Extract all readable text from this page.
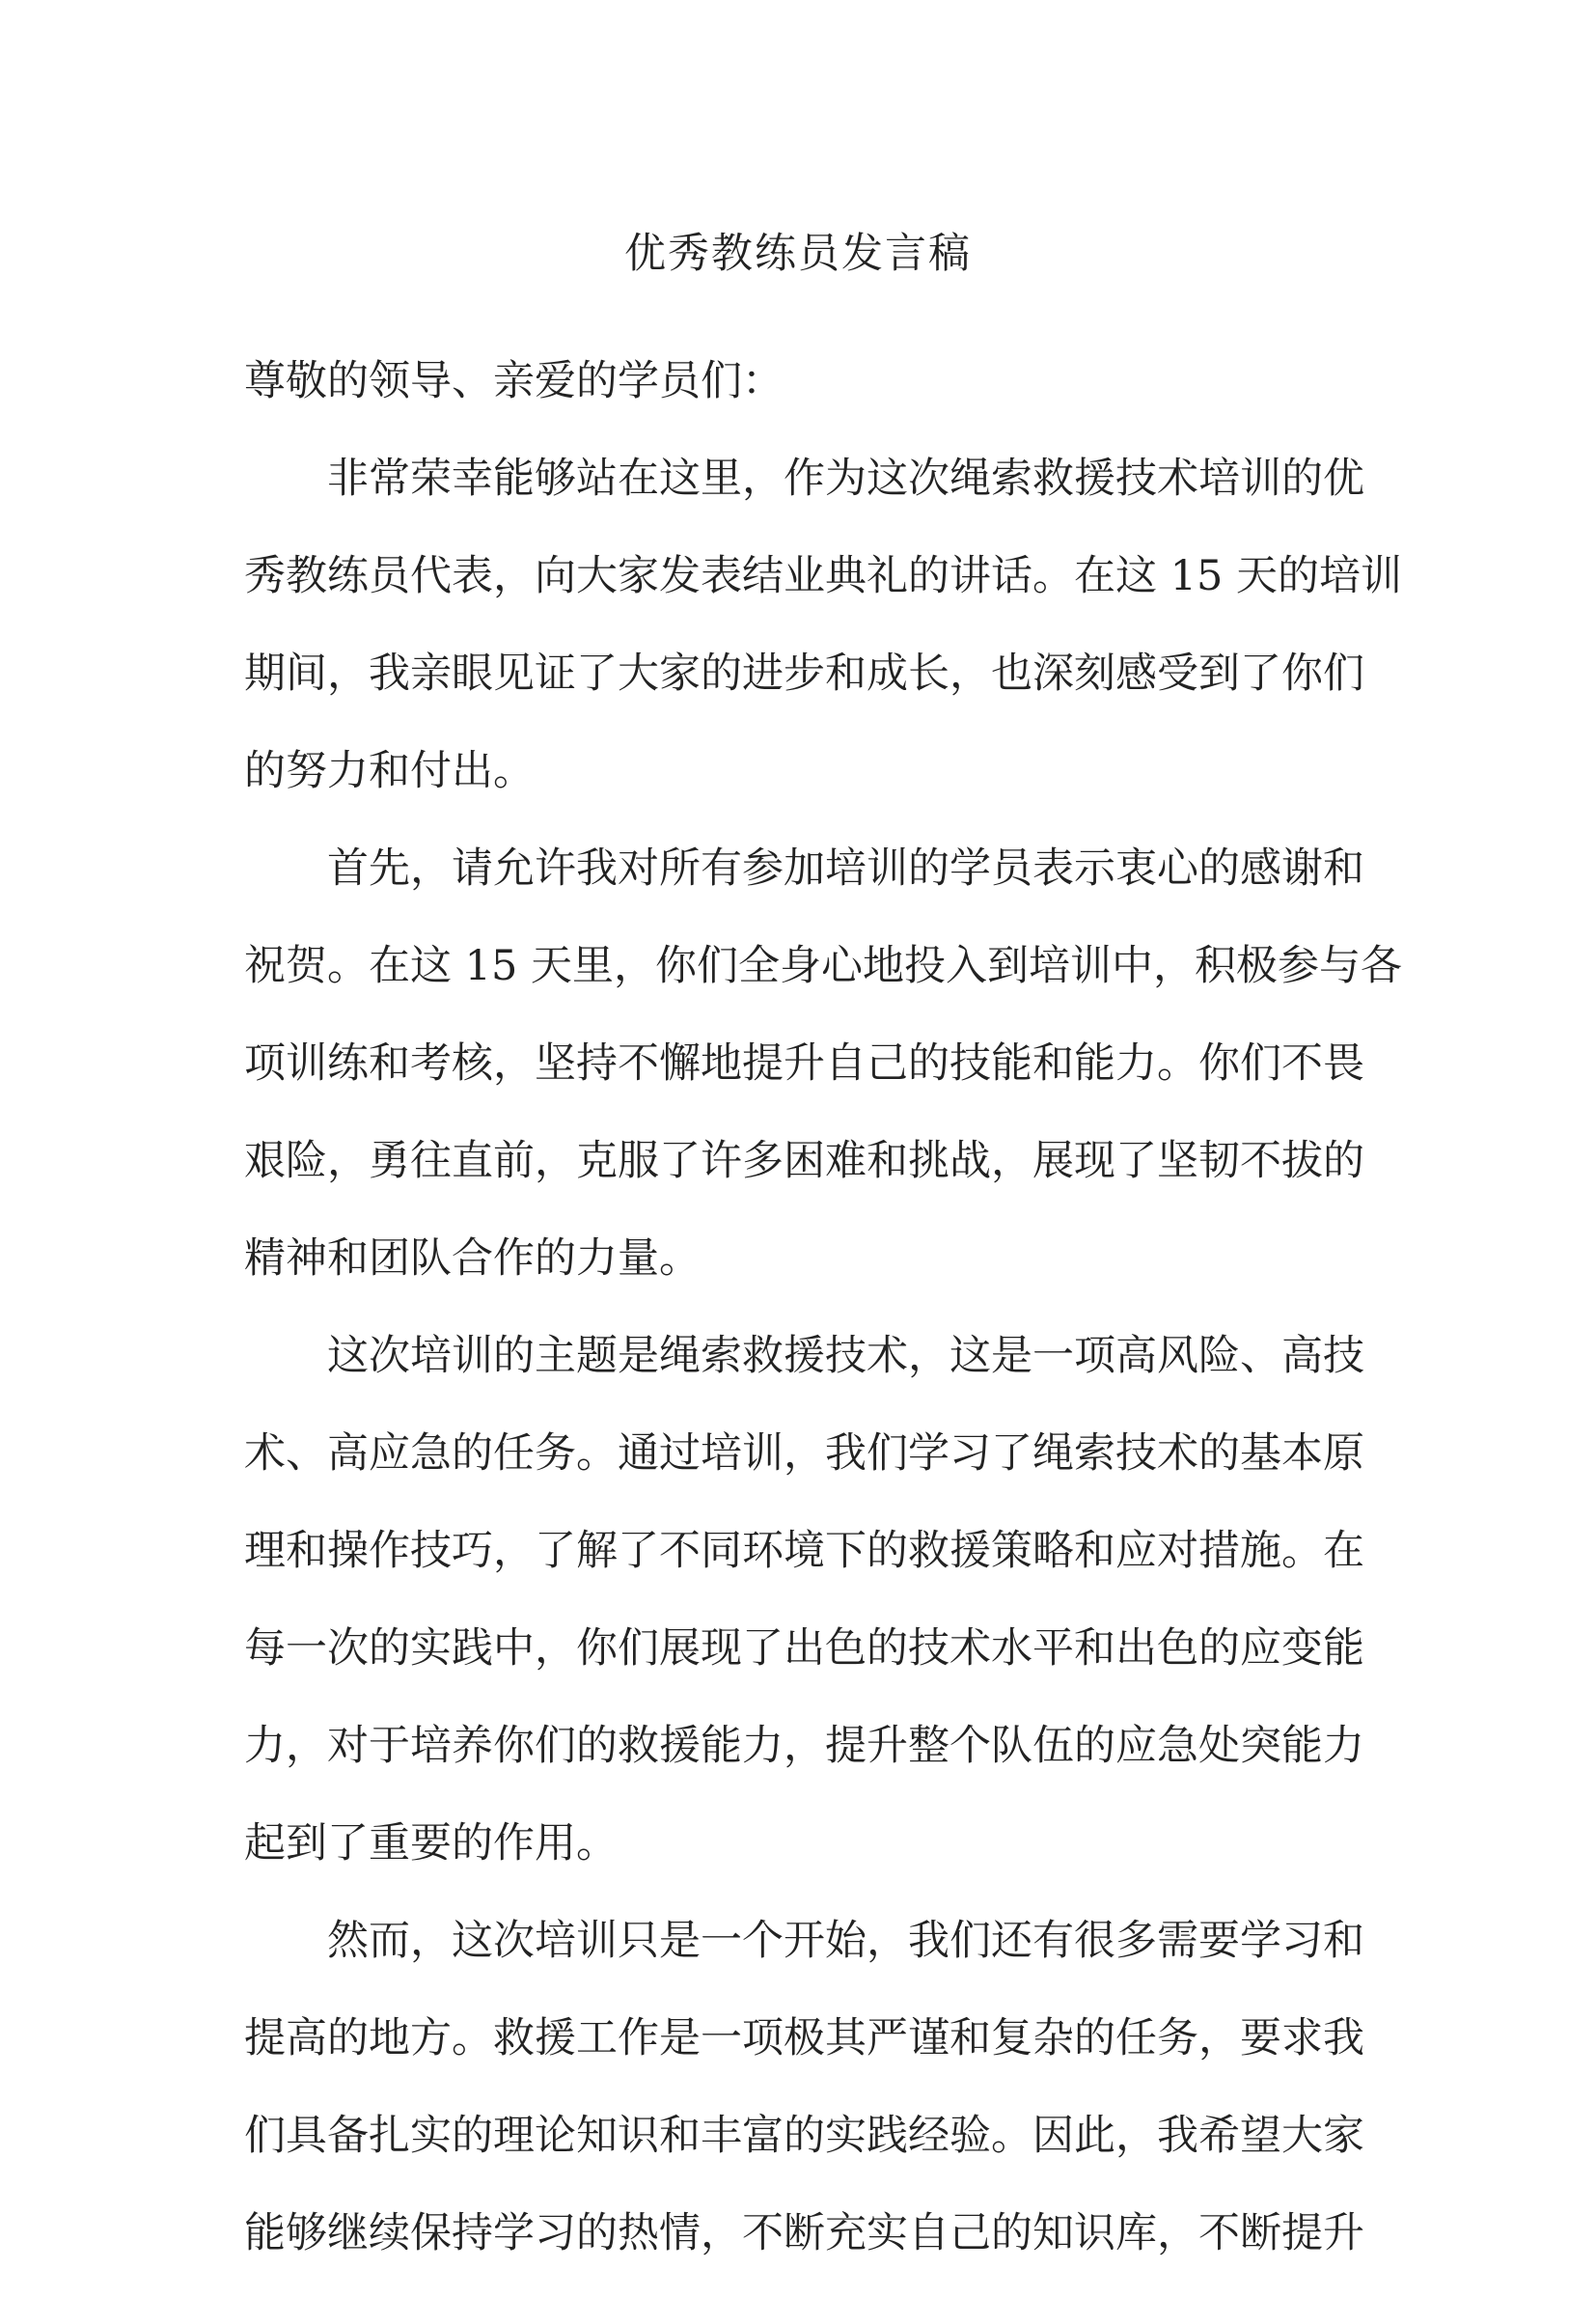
优秀教练员发言稿
尊敬的领导、亲爱的学员们：
非常荣幸能够站在这里，作为这次绳索救援技术培训的优
秀教练员代表，向大家发表结业典礼的讲话。在这 15 天的培训
期间，我亲眼见证了大家的进步和成长，也深刻感受到了你们
的努力和付出。
首先，请允许我对所有参加培训的学员表示衷心的感谢和
祝贺。在这 15 天里，你们全身心地投入到培训中，积极参与各
项训练和考核，坚持不懈地提升自己的技能和能力。你们不畏
艰险，勇往直前，克服了许多困难和挑战，展现了坚韧不拔的
精神和团队合作的力量。
这次培训的主题是绳索救援技术，这是一项高风险、高技
术、高应急的任务。通过培训，我们学习了绳索技术的基本原
理和操作技巧，了解了不同环境下的救援策略和应对措施。在
每一次的实践中，你们展现了出色的技术水平和出色的应变能
力，对于培养你们的救援能力，提升整个队伍的应急处突能力
起到了重要的作用。
然而，这次培训只是一个开始，我们还有很多需要学习和
提高的地方。救援工作是一项极其严谨和复杂的任务，要求我
们具备扎实的理论知识和丰富的实践经验。因此，我希望大家
能够继续保持学习的热情，不断充实自己的知识库，不断提升
